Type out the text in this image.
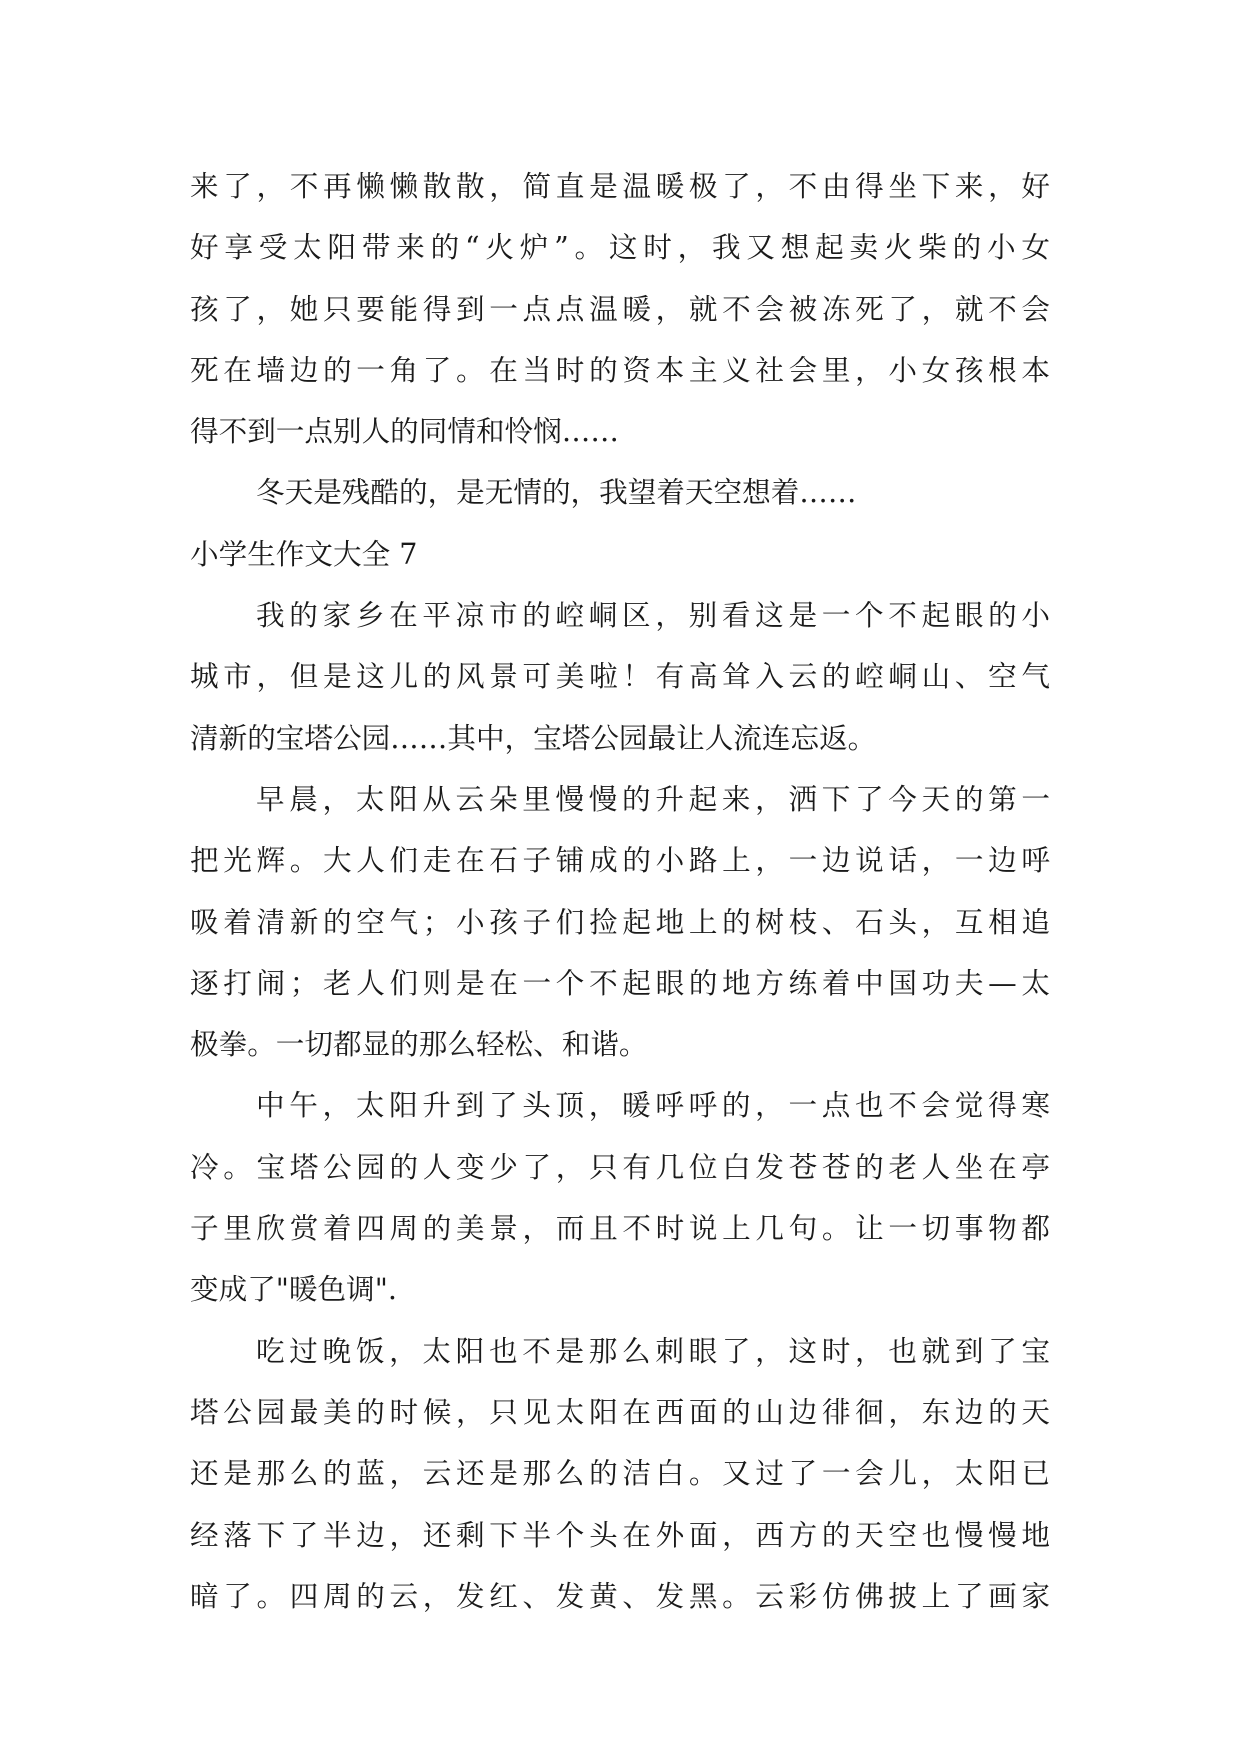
来了，不再懒懒散散，简直是温暖极了，不由得坐下来，好
好享受太阳带来的“火炉”。这时，我又想起卖火柴的小女
孩了，她只要能得到一点点温暖，就不会被冻死了，就不会
死在墙边的一角了。在当时的资本主义社会里，小女孩根本
得不到一点别人的同情和怜悯……
冬天是残酷的，是无情的，我望着天空想着……
小学生作文大全 7
我的家乡在平凉市的崆峒区，别看这是一个不起眼的小
城市，但是这儿的风景可美啦！有高耸入云的崆峒山、空气
清新的宝塔公园……其中，宝塔公园最让人流连忘返。
早晨，太阳从云朵里慢慢的升起来，洒下了今天的第一
把光辉。大人们走在石子铺成的小路上，一边说话，一边呼
吸着清新的空气；小孩子们捡起地上的树枝、石头，互相追
逐打闹；老人们则是在一个不起眼的地方练着中国功夫—太
极拳。一切都显的那么轻松、和谐。
中午，太阳升到了头顶，暖呼呼的，一点也不会觉得寒
冷。宝塔公园的人变少了，只有几位白发苍苍的老人坐在亭
子里欣赏着四周的美景，而且不时说上几句。让一切事物都
变成了"暖色调".
吃过晚饭，太阳也不是那么刺眼了，这时，也就到了宝
塔公园最美的时候，只见太阳在西面的山边徘徊，东边的天
还是那么的蓝，云还是那么的洁白。又过了一会儿，太阳已
经落下了半边，还剩下半个头在外面，西方的天空也慢慢地
暗了。四周的云，发红、发黄、发黑。云彩仿佛披上了画家
